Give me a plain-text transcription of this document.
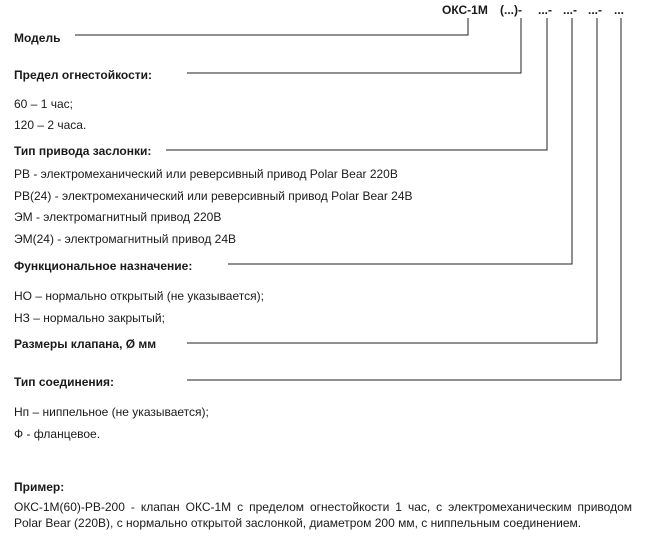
ОКС-1М (...)- ...- ...- ...- ...
Модель
Предел огнестойкости:
60 – 1 час;
120 – 2 часа.
Тип привода заслонки:
РВ - электромеханический или реверсивный привод Polar Bear 220В
РВ(24) - электромеханический или реверсивный привод Polar Bear 24В
ЭМ - электромагнитный привод 220В
ЭМ(24) - электромагнитный привод 24В
Функциональное назначение:
НО – нормально открытый (не указывается);
НЗ – нормально закрытый;
Размеры клапана, Ø мм
Тип соединения:
Нп – ниппельное (не указывается);
Ф - фланцевое.
Пример:
ОКС-1М(60)-РВ-200 - клапан ОКС-1М с пределом огнестойкости 1 час, с электромеханическим приводом Polar Bear (220В), с нормально открытой заслонкой, диаметром 200 мм, с ниппельным соединением.
